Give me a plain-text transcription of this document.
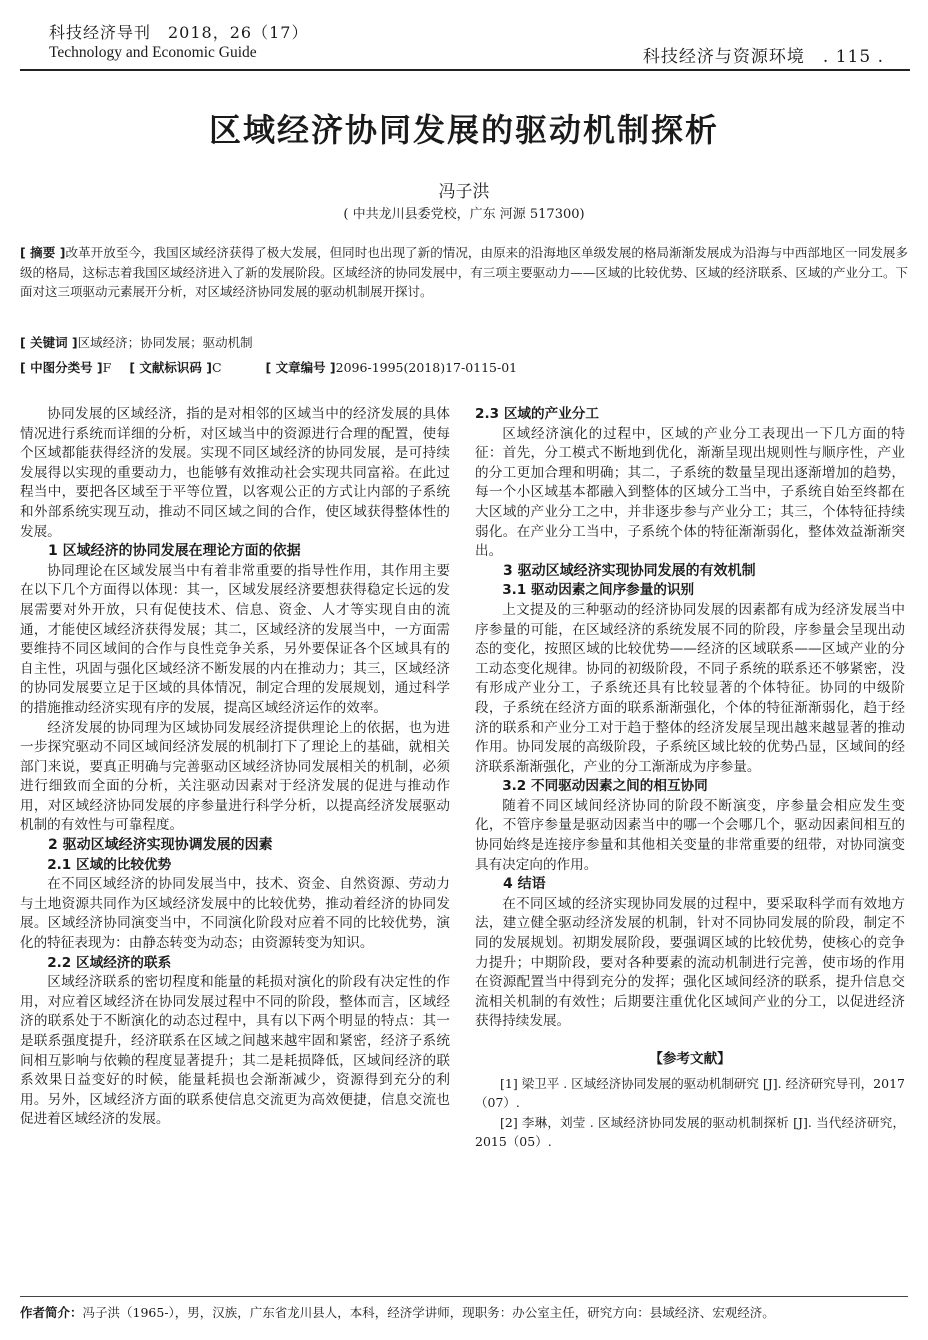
科技经济导刊　2018，26（17）
Technology and Economic Guide	科技经济与资源环境　. 115 .
区域经济协同发展的驱动机制探析
冯子洪
( 中共龙川县委党校，广东 河源 517300)
[ 摘要 ]改革开放至今，我国区域经济获得了极大发展，但同时也出现了新的情况，由原来的沿海地区单级发展的格局渐渐发展成为沿海与中西部地区一同发展多级的格局，这标志着我国区域经济进入了新的发展阶段。区域经济的协同发展中，有三项主要驱动力——区域的比较优势、区域的经济联系、区域的产业分工。下面对这三项驱动元素展开分析，对区域经济协同发展的驱动机制展开探讨。
[ 关键词 ]区域经济；协同发展；驱动机制
[ 中图分类号 ]F [ 文献标识码 ]C	[ 文章编号 ]2096-1995(2018)17-0115-01

协同发展的区域经济，指的是对相邻的区域当中的经济发展的具体情况进行系统而详细的分析，对区域当中的资源进行合理的配置，使每个区域都能获得经济的发展。实现不同区域经济的协同发展，是可持续发展得以实现的重要动力，也能够有效推动社会实现共同富裕。在此过程当中，要把各区域至于平等位置，以客观公正的方式让内部的子系统和外部系统实现互动，推动不同区域之间的合作，使区域获得整体性的发展。

1 区域经济的协同发展在理论方面的依据

协同理论在区域发展当中有着非常重要的指导性作用，其作用主要在以下几个方面得以体现：其一，区域发展经济要想获得稳定长远的发展需要对外开放，只有促使技术、信息、资金、人才等实现自由的流通，才能使区域经济获得发展；其二，区域经济的发展当中，一方面需要维持不同区域间的合作与良性竞争关系，另外要保证各个区域具有的自主性，巩固与强化区域经济不断发展的内在推动力；其三，区域经济的协同发展要立足于区域的具体情况，制定合理的发展规划，通过科学的措施推动经济实现有序的发展，提高区域经济运作的效率。

经济发展的协同理为区域协同发展经济提供理论上的依据，也为进一步探究驱动不同区域间经济发展的机制打下了理论上的基础，就相关部门来说，要真正明确与完善驱动区域经济协同发展相关的机制，必须进行细致而全面的分析，关注驱动因素对于经济发展的促进与推动作用，对区域经济协同发展的序参量进行科学分析，以提高经济发展驱动机制的有效性与可靠程度。

2 驱动区域经济实现协调发展的因素
2.1 区域的比较优势

在不同区域经济的协同发展当中，技术、资金、自然资源、劳动力与土地资源共同作为区域经济发展中的比较优势，推动着经济的协同发展。区域经济协同演变当中，不同演化阶段对应着不同的比较优势，演化的特征表现为：由静态转变为动态；由资源转变为知识。

2.2 区域经济的联系

区域经济联系的密切程度和能量的耗损对演化的阶段有决定性的作用，对应着区域经济在协同发展过程中不同的阶段，整体而言，区域经济的联系处于不断演化的动态过程中，具有以下两个明显的特点：其一是联系强度提升，经济联系在区域之间越来越牢固和紧密，经济子系统间相互影响与依赖的程度显著提升；其二是耗损降低，区域间经济的联系效果日益变好的时候，能量耗损也会渐渐减少，资源得到充分的利用。另外，区域经济方面的联系使信息交流更为高效便捷，信息交流也促进着区域经济的发展。

2.3 区域的产业分工

区域经济演化的过程中，区域的产业分工表现出一下几方面的特征：首先，分工模式不断地到优化，渐渐呈现出规则性与顺序性，产业的分工更加合理和明确；其二，子系统的数量呈现出逐渐增加的趋势，每一个小区域基本都融入到整体的区域分工当中，子系统自始至终都在大区域的产业分工之中，并非逐步参与产业分工；其三，个体特征持续弱化。在产业分工当中，子系统个体的特征渐渐弱化，整体效益渐渐突出。

3 驱动区域经济实现协同发展的有效机制
3.1 驱动因素之间序参量的识别

上文提及的三种驱动的经济协同发展的因素都有成为经济发展当中序参量的可能，在区域经济的系统发展不同的阶段，序参量会呈现出动态的变化，按照区域的比较优势——经济的区域联系——区域产业的分工动态变化规律。协同的初级阶段，不同子系统的联系还不够紧密，没有形成产业分工，子系统还具有比较显著的个体特征。协同的中级阶段，子系统在经济方面的联系渐渐强化，个体的特征渐渐弱化，趋于经济的联系和产业分工对于趋于整体的经济发展呈现出越来越显著的推动作用。协同发展的高级阶段，子系统区域比较的优势凸显，区域间的经济联系渐渐强化，产业的分工渐渐成为序参量。

3.2 不同驱动因素之间的相互协同

随着不同区域间经济协同的阶段不断演变，序参量会相应发生变化，不管序参量是驱动因素当中的哪一个会哪几个，驱动因素间相互的协同始终是连接序参量和其他相关变量的非常重要的纽带，对协同演变具有决定向的作用。

4 结语

在不同区域的经济实现协同发展的过程中，要采取科学而有效地方法，建立健全驱动经济发展的机制，针对不同协同发展的阶段，制定不同的发展规划。初期发展阶段，要强调区域的比较优势，使核心的竞争力提升；中期阶段，要对各种要素的流动机制进行完善，使市场的作用在资源配置当中得到充分的发挥；强化区域间经济的联系，提升信息交流相关机制的有效性；后期要注重优化区域间产业的分工，以促进经济获得持续发展。

【参考文献】

[1] 梁卫平 . 区域经济协同发展的驱动机制研究 [J]. 经济研究导刊，2017（07）.

[2] 李琳，刘莹 . 区域经济协同发展的驱动机制探析 [J]. 当代经济研究，2015（05）.

作者简介：冯子洪（1965-），男，汉族，广东省龙川县人，本科，经济学讲师，现职务：办公室主任，研究方向：县域经济、宏观经济。
